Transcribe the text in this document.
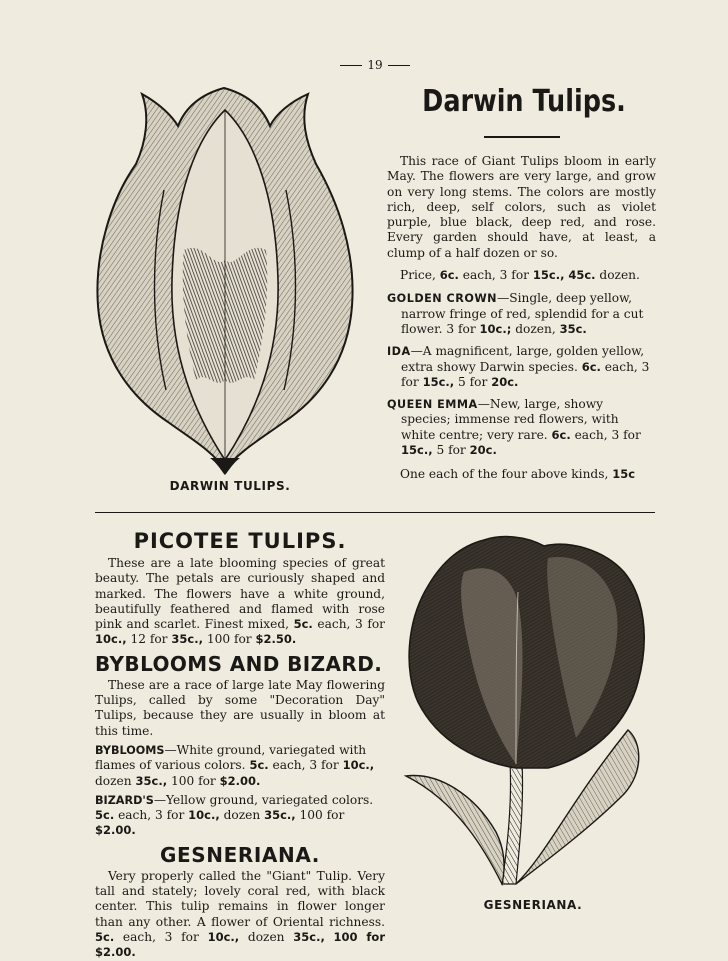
19
DARWIN TULIPS.
Darwin Tulips.

This race of Giant Tulips bloom in early May. The flowers are very large, and grow on very long stems. The colors are mostly rich, deep, self colors, such as violet purple, blue black, deep red, and rose. Every garden should have, at least, a clump of a half dozen or so.

Price, 6c. each, 3 for 15c., 45c. dozen.

GOLDEN CROWN—Single, deep yellow, narrow fringe of red, splendid for a cut flower. 3 for 10c.; dozen, 35c.

IDA—A magnificent, large, golden yellow, extra showy Darwin species. 6c. each, 3 for 15c., 5 for 20c.

QUEEN EMMA—New, large, showy species; immense red flowers, with white centre; very rare. 6c. each, 3 for 15c., 5 for 20c.

One each of the four above kinds, 15c

PICOTEE TULIPS.

These are a late blooming species of great beauty. The petals are curiously shaped and marked. The flowers have a white ground, beautifully feathered and flamed with rose pink and scarlet. Finest mixed, 5c. each, 3 for 10c., 12 for 35c., 100 for $2.50.

BYBLOOMS AND BIZARD.

These are a race of large late May flowering Tulips, called by some "Decoration Day" Tulips, because they are usually in bloom at this time.

BYBLOOMS—White ground, variegated with flames of various colors. 5c. each, 3 for 10c., dozen 35c., 100 for $2.00.

BIZARD'S—Yellow ground, variegated colors. 5c. each, 3 for 10c., dozen 35c., 100 for $2.00.

GESNERIANA.

Very properly called the "Giant" Tulip. Very tall and stately; lovely coral red, with black center. This tulip remains in flower longer than any other. A flower of Oriental richness. 5c. each, 3 for 10c., dozen 35c., 100 for $2.00.

GESNERIANA.
